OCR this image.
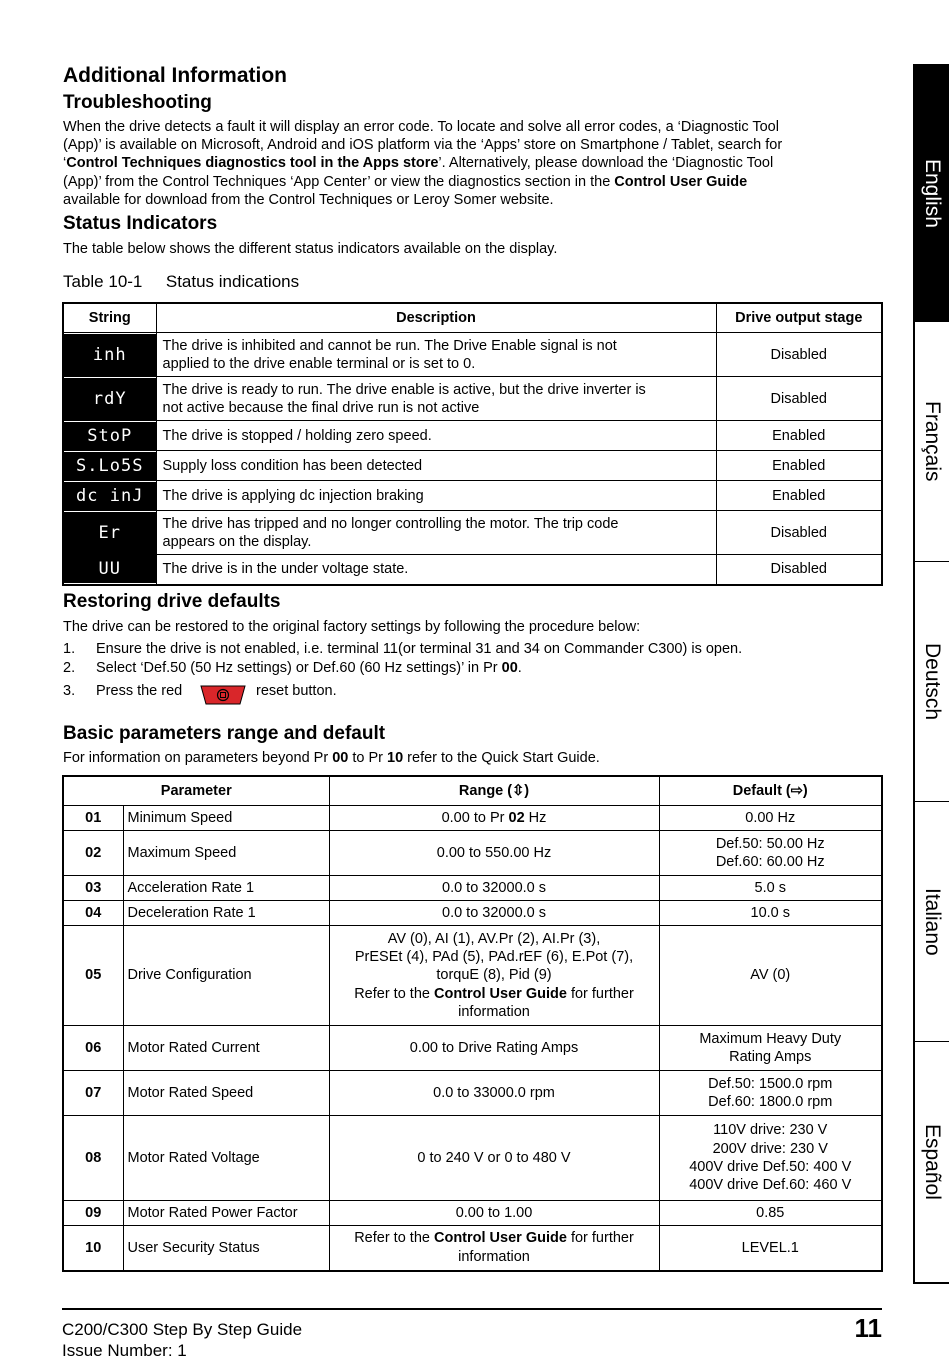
Additional Information
Troubleshooting
When the drive detects a fault it will display an error code. To locate and solve all error codes, a ‘Diagnostic Tool
(App)’ is available on Microsoft, Android and iOS platform via the ‘Apps’ store on Smartphone / Tablet, search for
‘Control Techniques diagnostics tool in the Apps store’. Alternatively, please download the ‘Diagnostic Tool
(App)’ from the Control Techniques ‘App Center’ or view the diagnostics section in the Control User Guide
available for download from the Control Techniques or Leroy Somer website.
Status Indicators
The table below shows the different status indicators available on the display.
Table 10-1 Status indications
String	Description	Drive output stage

inh	The drive is inhibited and cannot be run. The Drive Enable signal is not
applied to the drive enable terminal or is set to 0.	Disabled

rdY	The drive is ready to run. The drive enable is active, but the drive inverter is
not active because the final drive run is not active	Disabled

StoP	The drive is stopped / holding zero speed.	Enabled

S.Lo5S	Supply loss condition has been detected	Enabled

dc inJ	The drive is applying dc injection braking	Enabled

Er	The drive has tripped and no longer controlling the motor. The trip code
appears on the display.	Disabled

UU	The drive is in the under voltage state.	Disabled
Restoring drive defaults
The drive can be restored to the original factory settings by following the procedure below:
1. Ensure the drive is not enabled, i.e. terminal 11(or terminal 31 and 34 on Commander C300) is open.
2. Select ‘Def.50 (50 Hz settings) or Def.60 (60 Hz settings)’ in Pr 00.
3. Press the red	reset button.
Basic parameters range and default
For information on parameters beyond Pr 00 to Pr 10 refer to the Quick Start Guide.
Parameter		Range (⇳)	Default (⇨)
01	Minimum Speed	0.00 to Pr 02 Hz	0.00 Hz

02	Maximum Speed	0.00 to 550.00 Hz	Def.50: 50.00 Hz
Def.60: 60.00 Hz

03	Acceleration Rate 1	0.0 to 32000.0 s	5.0 s

04	Deceleration Rate 1	0.0 to 32000.0 s	10.0 s

05	Drive Configuration	AV (0), AI (1), AV.Pr (2), AI.Pr (3),
PrESEt (4), PAd (5), PAd.rEF (6), E.Pot (7),
torquE (8), Pid (9)
Refer to the Control User Guide for further
information	AV (0)

06	Motor Rated Current	0.00 to Drive Rating Amps	Maximum Heavy Duty
Rating Amps

07	Motor Rated Speed	0.0 to 33000.0 rpm	Def.50: 1500.0 rpm
Def.60: 1800.0 rpm

08	Motor Rated Voltage	0 to 240 V or 0 to 480 V	110V drive: 230 V
200V drive: 230 V
400V drive Def.50: 400 V
400V drive Def.60: 460 V

09	Motor Rated Power Factor	0.00 to 1.00	0.85

10	User Security Status	Refer to the Control User Guide for further
information	LEVEL.1
English
Français
Deutsch
Italiano
Español
C200/C300 Step By Step Guide
Issue Number: 1
11
